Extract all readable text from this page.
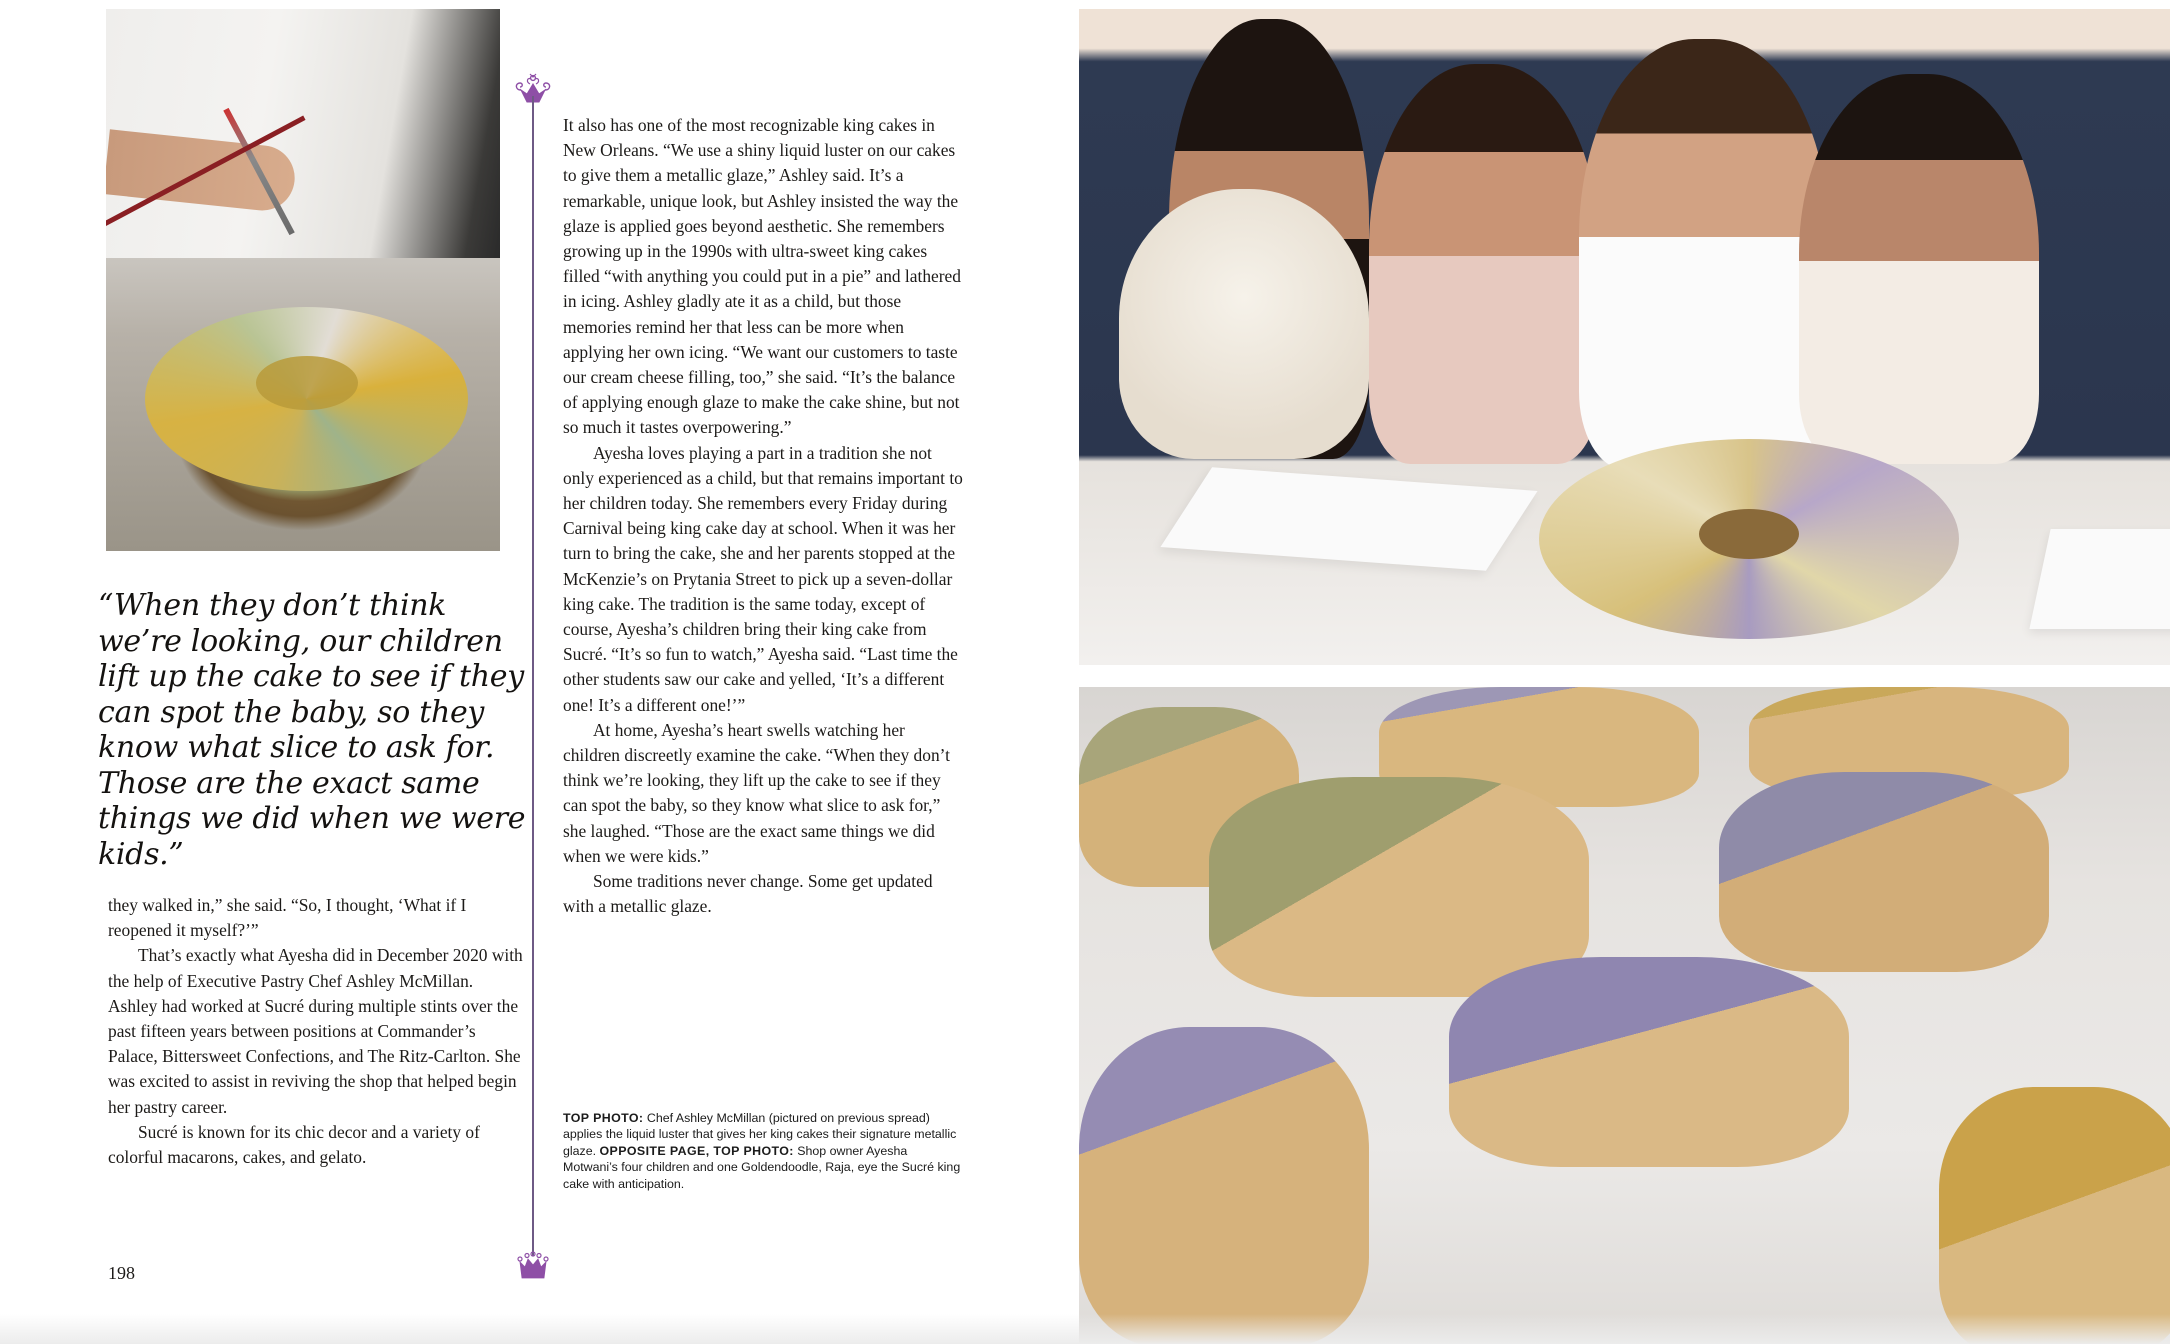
“When they don’t think we’re looking, our children lift up the cake to see if they can spot the baby, so they know what slice to ask for. Those are the exact same things we did when we were kids.”

they walked in,” she said. “So, I thought, ‘What if I reopened it myself?’”

That’s exactly what Ayesha did in December 2020 with the help of Executive Pastry Chef Ashley McMillan. Ashley had worked at Sucré during multiple stints over the past fifteen years between positions at Commander’s Palace, Bittersweet Confections, and The Ritz-Carlton. She was excited to assist in reviving the shop that helped begin her pastry career.

Sucré is known for its chic decor and a variety of colorful macarons, cakes, and gelato.

198

It also has one of the most recognizable king cakes in New Orleans. “We use a shiny liquid luster on our cakes to give them a metallic glaze,” Ashley said. It’s a remarkable, unique look, but Ashley insisted the way the glaze is applied goes beyond aesthetic. She remembers growing up in the 1990s with ultra-sweet king cakes filled “with anything you could put in a pie” and lathered in icing. Ashley gladly ate it as a child, but those memories remind her that less can be more when applying her own icing. “We want our customers to taste our cream cheese filling, too,” she said. “It’s the balance of applying enough glaze to make the cake shine, but not so much it tastes overpowering.”

Ayesha loves playing a part in a tradition she not only experienced as a child, but that remains important to her children today. She remembers every Friday during Carnival being king cake day at school. When it was her turn to bring the cake, she and her parents stopped at the McKenzie’s on Prytania Street to pick up a seven-dollar king cake. The tradition is the same today, except of course, Ayesha’s children bring their king cake from Sucré. “It’s so fun to watch,” Ayesha said. “Last time the other students saw our cake and yelled, ‘It’s a different one! It’s a different one!’”

At home, Ayesha’s heart swells watching her children discreetly examine the cake. “When they don’t think we’re looking, they lift up the cake to see if they can spot the baby, so they know what slice to ask for,” she laughed. “Those are the exact same things we did when we were kids.”

Some traditions never change. Some get updated with a metallic glaze.

TOP PHOTO: Chef Ashley McMillan (pictured on previous spread) applies the liquid luster that gives her king cakes their signature metallic glaze. OPPOSITE PAGE, TOP PHOTO: Shop owner Ayesha Motwani’s four children and one Goldendoodle, Raja, eye the Sucré king cake with anticipation.
